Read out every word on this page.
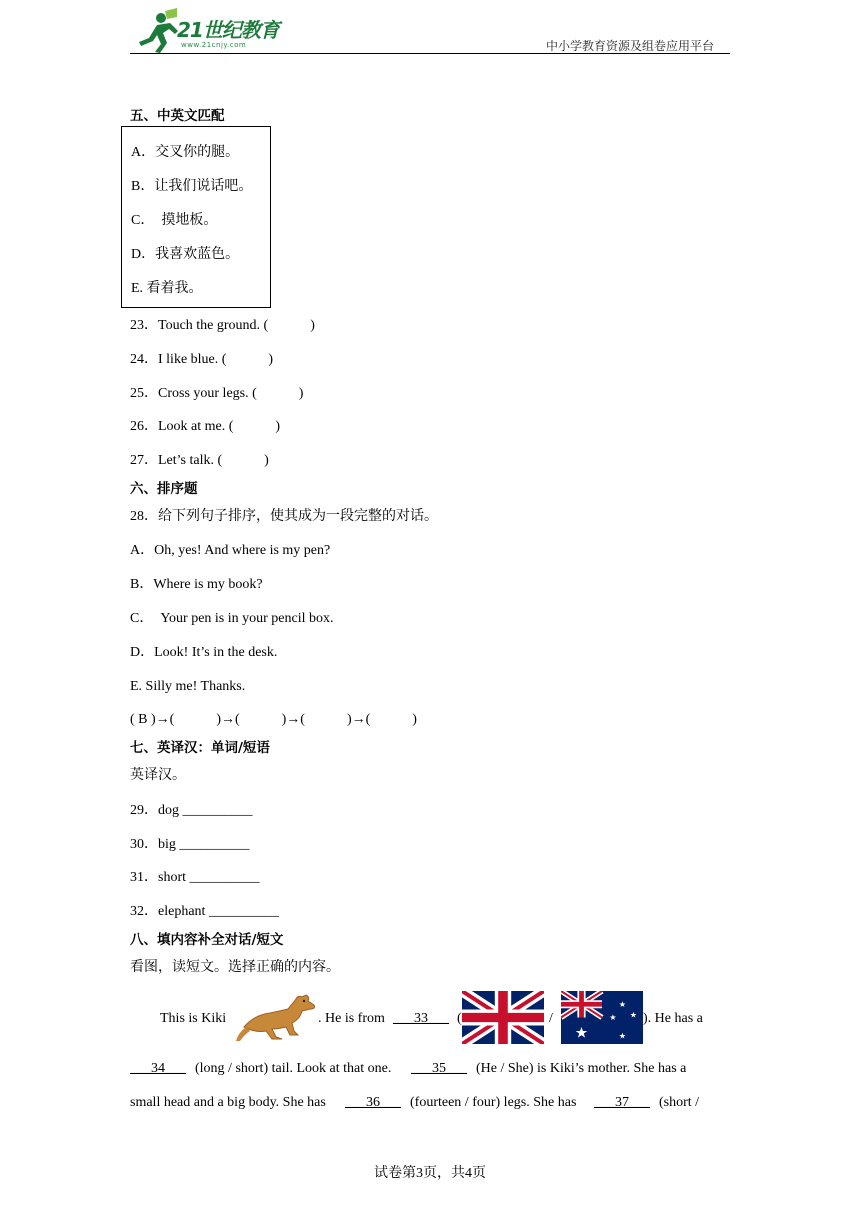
21世纪教育
www.21cnjy.com	中小学教育资源及组卷应用平台
五、中英文匹配
A．交叉你的腿。
B．让我们说话吧。
C．　摸地板。
D．我喜欢蓝色。
E. 看着我。
23．Touch the ground. (　　　)
24．I like blue. (　　　)
25．Cross your legs. (　　　)
26．Look at me. (　　　)
27．Let’s talk. (　　　)
六、排序题
28．给下列句子排序，使其成为一段完整的对话。
A．Oh, yes! And where is my pen?
B．Where is my book?
C．　Your pen is in your pencil box.
D．Look! It’s in the desk.
E. Silly me! Thanks.
( B )→(　　　)→(　　　)→(　　　)→(　　　)
七、英译汉：单词/短语
英译汉。
29．dog __________
30．big __________
31．short __________
32．elephant __________
八、填内容补全对话/短文
看图，读短文。选择正确的内容。
This is Kiki	. He is from ___33___ (	/
★
★
★ ★
★
). He has a
___34___ (long / short) tail. Look at that one. ___35___ (He / She) is Kiki’s mother. She has a
small head and a big body. She has ___36___ (fourteen / four) legs. She has ___37___ (short /
试卷第3页，共4页
